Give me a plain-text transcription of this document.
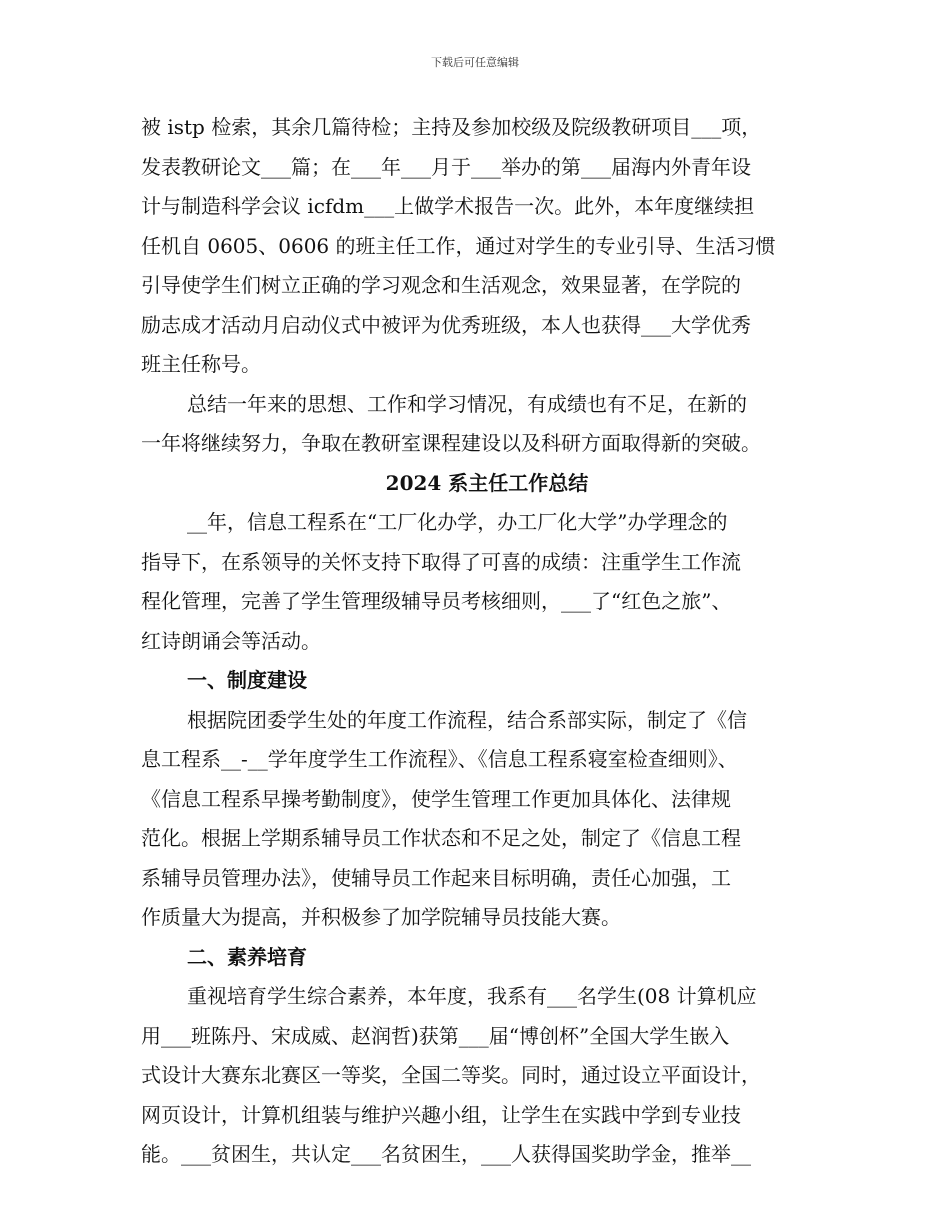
下载后可任意编辑
被 istp 检索，其余几篇待检；主持及参加校级及院级教研项目___项，
发表教研论文___篇；在___年___月于___举办的第___届海内外青年设
计与制造科学会议 icfdm___上做学术报告一次。此外，本年度继续担
任机自 0605、0606 的班主任工作，通过对学生的专业引导、生活习惯
引导使学生们树立正确的学习观念和生活观念，效果显著，在学院的
励志成才活动月启动仪式中被评为优秀班级，本人也获得___大学优秀
班主任称号。
总结一年来的思想、工作和学习情况，有成绩也有不足，在新的
一年将继续努力，争取在教研室课程建设以及科研方面取得新的突破。
2024 系主任工作总结
__年，信息工程系在“工厂化办学，办工厂化大学”办学理念的
指导下，在系领导的关怀支持下取得了可喜的成绩：注重学生工作流
程化管理，完善了学生管理级辅导员考核细则，___了“红色之旅”、
红诗朗诵会等活动。
一、制度建设
根据院团委学生处的年度工作流程，结合系部实际，制定了《信
息工程系__-__学年度学生工作流程》、《信息工程系寝室检查细则》、
《信息工程系早操考勤制度》，使学生管理工作更加具体化、法律规
范化。根据上学期系辅导员工作状态和不足之处，制定了《信息工程
系辅导员管理办法》，使辅导员工作起来目标明确，责任心加强，工
作质量大为提高，并积极参了加学院辅导员技能大赛。
二、素养培育
重视培育学生综合素养，本年度，我系有___名学生(08 计算机应
用___班陈丹、宋成威、赵润哲)获第___届“博创杯”全国大学生嵌入
式设计大赛东北赛区一等奖，全国二等奖。同时，通过设立平面设计，
网页设计，计算机组装与维护兴趣小组，让学生在实践中学到专业技
能。___贫困生，共认定___名贫困生，___人获得国奖助学金，推举__
